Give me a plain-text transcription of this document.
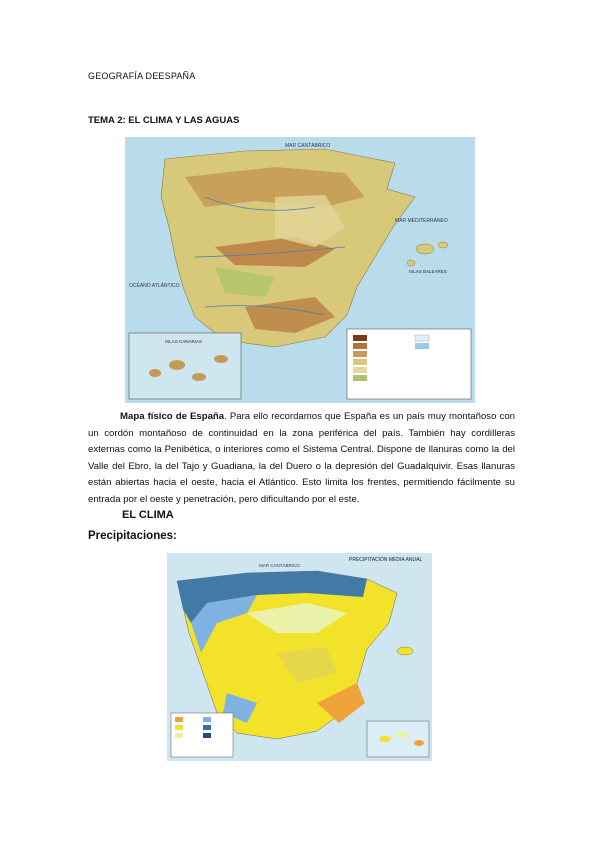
GEOGRAFÍA DEESPAÑA
TEMA 2: EL CLIMA Y LAS AGUAS
MAR CANTÁBRICO
OCÉANO ATLÁNTICO
MAR MEDITERRÁNEO
ISLAS BALEARES
ISLAS CANARIAS
Mapa físico de España. Para ello recordamos que España es un país muy montañoso con un cordón montañoso de continuidad en la zona periférica del país. También hay cordilleras externas como la Penibética, o interiores como el Sistema Central. Dispone de llanuras como la del Valle del Ebro, la del Tajo y Guadiana, la del Duero o la depresión del Guadalquivir. Esas llanuras están abiertas hacia el oeste, hacia el Atlántico. Esto limita los frentes, permitiendo fácilmente su entrada por el oeste y penetración, pero dificultando por el este.
EL CLIMA
Precipitaciones:
PRECIPITACIÓN MEDIA ANUAL
MAR CANTÁBRICO
